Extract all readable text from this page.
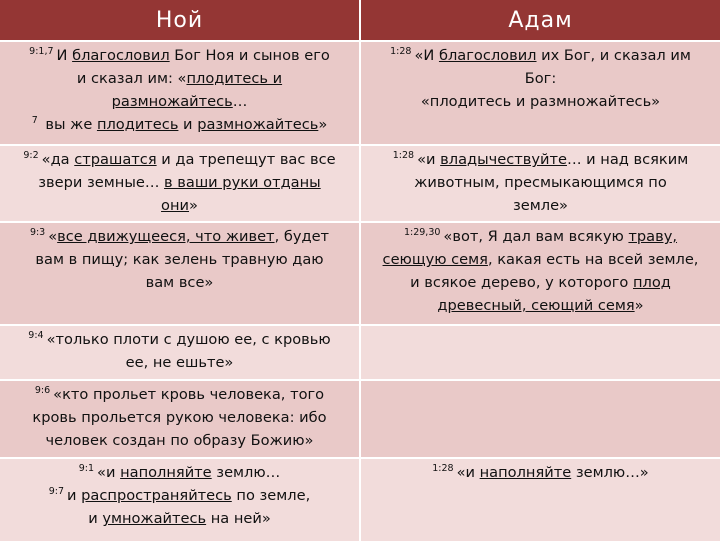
Ной	Адам

$^{9:1,7}$ И благословил Бог Ноя и сынов его
и сказал им: «плодитесь и
размножайтесь…
$^7$ вы же плодитесь и размножайтесь»	$^{1:28}$ «И благословил их Бог, и сказал им
Бог:
«плодитесь и размножайтесь»

$^{9:2}$ «да страшатся и да трепещут вас все
звери земные… в ваши руки отданы
они»	$^{1:28}$ «и владычествуйте… и над всяким
животным, пресмыкающимся по
земле»

$^{9:3}$ «все движущееся, что живет, будет
вам в пищу; как зелень травную даю
вам все»	$^{1:29,30}$ «вот, Я дал вам всякую траву,
сеющую семя, какая есть на всей земле,
и всякое дерево, у которого плод
древесный, сеющий семя»

$^{9:4}$ «только плоти с душою ее, с кровью
ее, не ешьте»	

$^{9:6}$ «кто прольет кровь человека, того
кровь прольется рукою человека: ибо
человек создан по образу Божию»	

$^{9:1}$ «и наполняйте землю…
$^{9:7}$ и распространяйтесь по земле,
и умножайтесь на ней»	$^{1:28}$ «и наполняйте землю…»
